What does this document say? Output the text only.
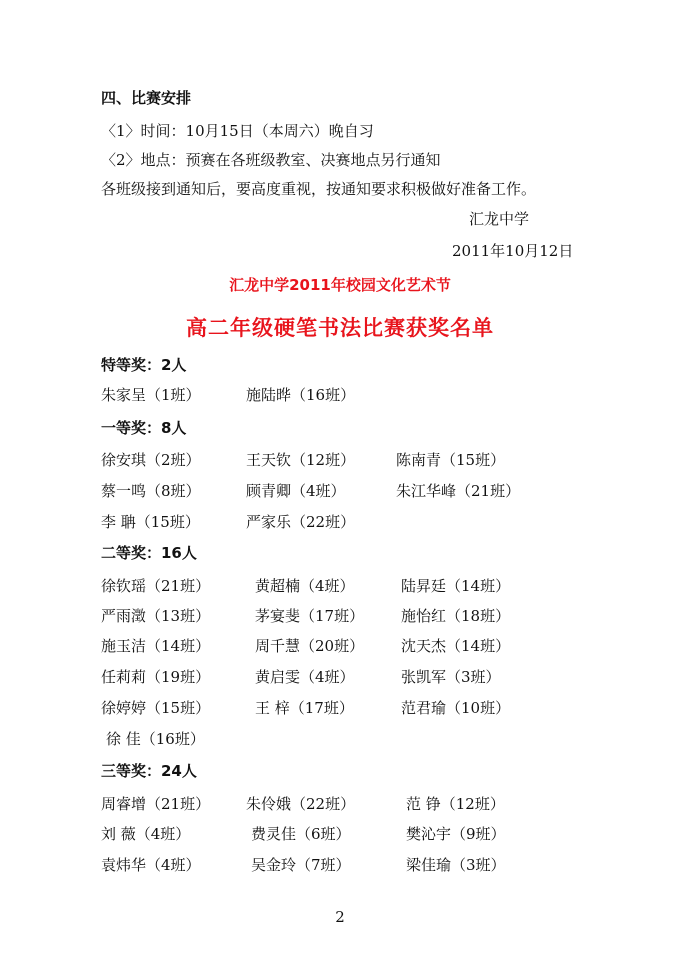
四、比赛安排
〈1〉时间：10月15日（本周六）晚自习
〈2〉地点：预赛在各班级教室、决赛地点另行通知
各班级接到通知后，要高度重视，按通知要求积极做好准备工作。
汇龙中学
2011年10月12日
汇龙中学2011年校园文化艺术节
高二年级硬笔书法比赛获奖名单
特等奖：2人
朱家呈（1班）	施陆晔（16班）
一等奖：8人
徐安琪（2班）	王天钦（12班）	陈南青（15班）
蔡一鸣（8班）	顾青卿（4班）	朱江华峰（21班）
李 聃（15班）	严家乐（22班）
二等奖：16人
徐钦瑶（21班）	黄超楠（4班）	陆昇廷（14班）
严雨澂（13班）	茅宴斐（17班） 施怡红（18班）
施玉洁（14班）	周千慧（20班） 沈天杰（14班）
任莉莉（19班）	黄启雯（4班）	张凯军（3班）
徐婷婷（15班）	王 梓（17班）	范君瑜（10班）
徐 佳（16班）
三等奖：24人
周睿增（21班） 朱伶娥（22班）	范 铮（12班）
刘 薇（4班）	费灵佳（6班）	樊沁宇（9班）
袁炜华（4班）	吴金玲（7班）	梁佳瑜（3班）
2
